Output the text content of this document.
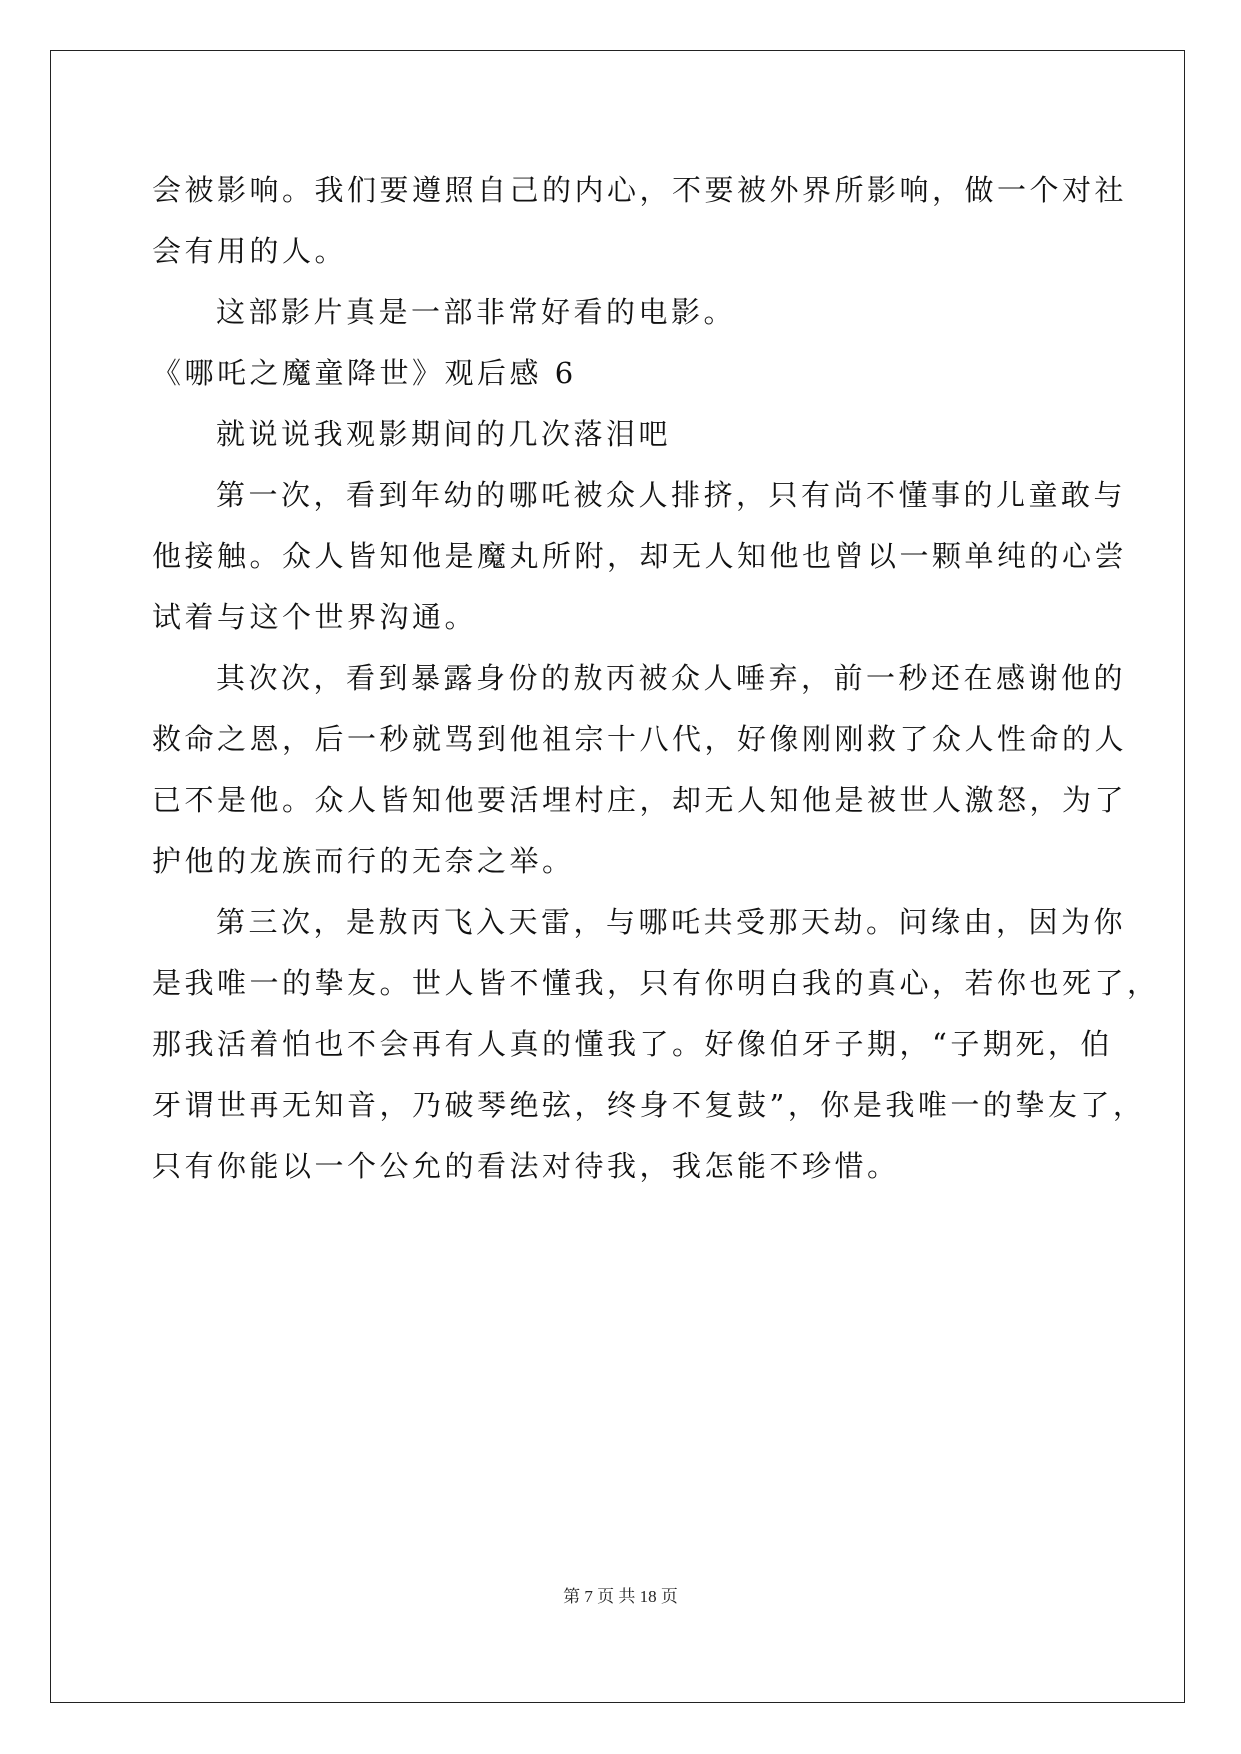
会被影响。我们要遵照自己的内心，不要被外界所影响，做一个对社
会有用的人。
这部影片真是一部非常好看的电影。
《哪吒之魔童降世》观后感 6
就说说我观影期间的几次落泪吧
第一次，看到年幼的哪吒被众人排挤，只有尚不懂事的儿童敢与
他接触。众人皆知他是魔丸所附，却无人知他也曾以一颗单纯的心尝
试着与这个世界沟通。
其次次，看到暴露身份的敖丙被众人唾弃，前一秒还在感谢他的
救命之恩，后一秒就骂到他祖宗十八代，好像刚刚救了众人性命的人
已不是他。众人皆知他要活埋村庄，却无人知他是被世人激怒，为了
护他的龙族而行的无奈之举。
第三次，是敖丙飞入天雷，与哪吒共受那天劫。问缘由，因为你
是我唯一的挚友。世人皆不懂我，只有你明白我的真心，若你也死了，
那我活着怕也不会再有人真的懂我了。好像伯牙子期，“子期死，伯
牙谓世再无知音，乃破琴绝弦，终身不复鼓”，你是我唯一的挚友了，
只有你能以一个公允的看法对待我，我怎能不珍惜。
第 7 页 共 18 页
